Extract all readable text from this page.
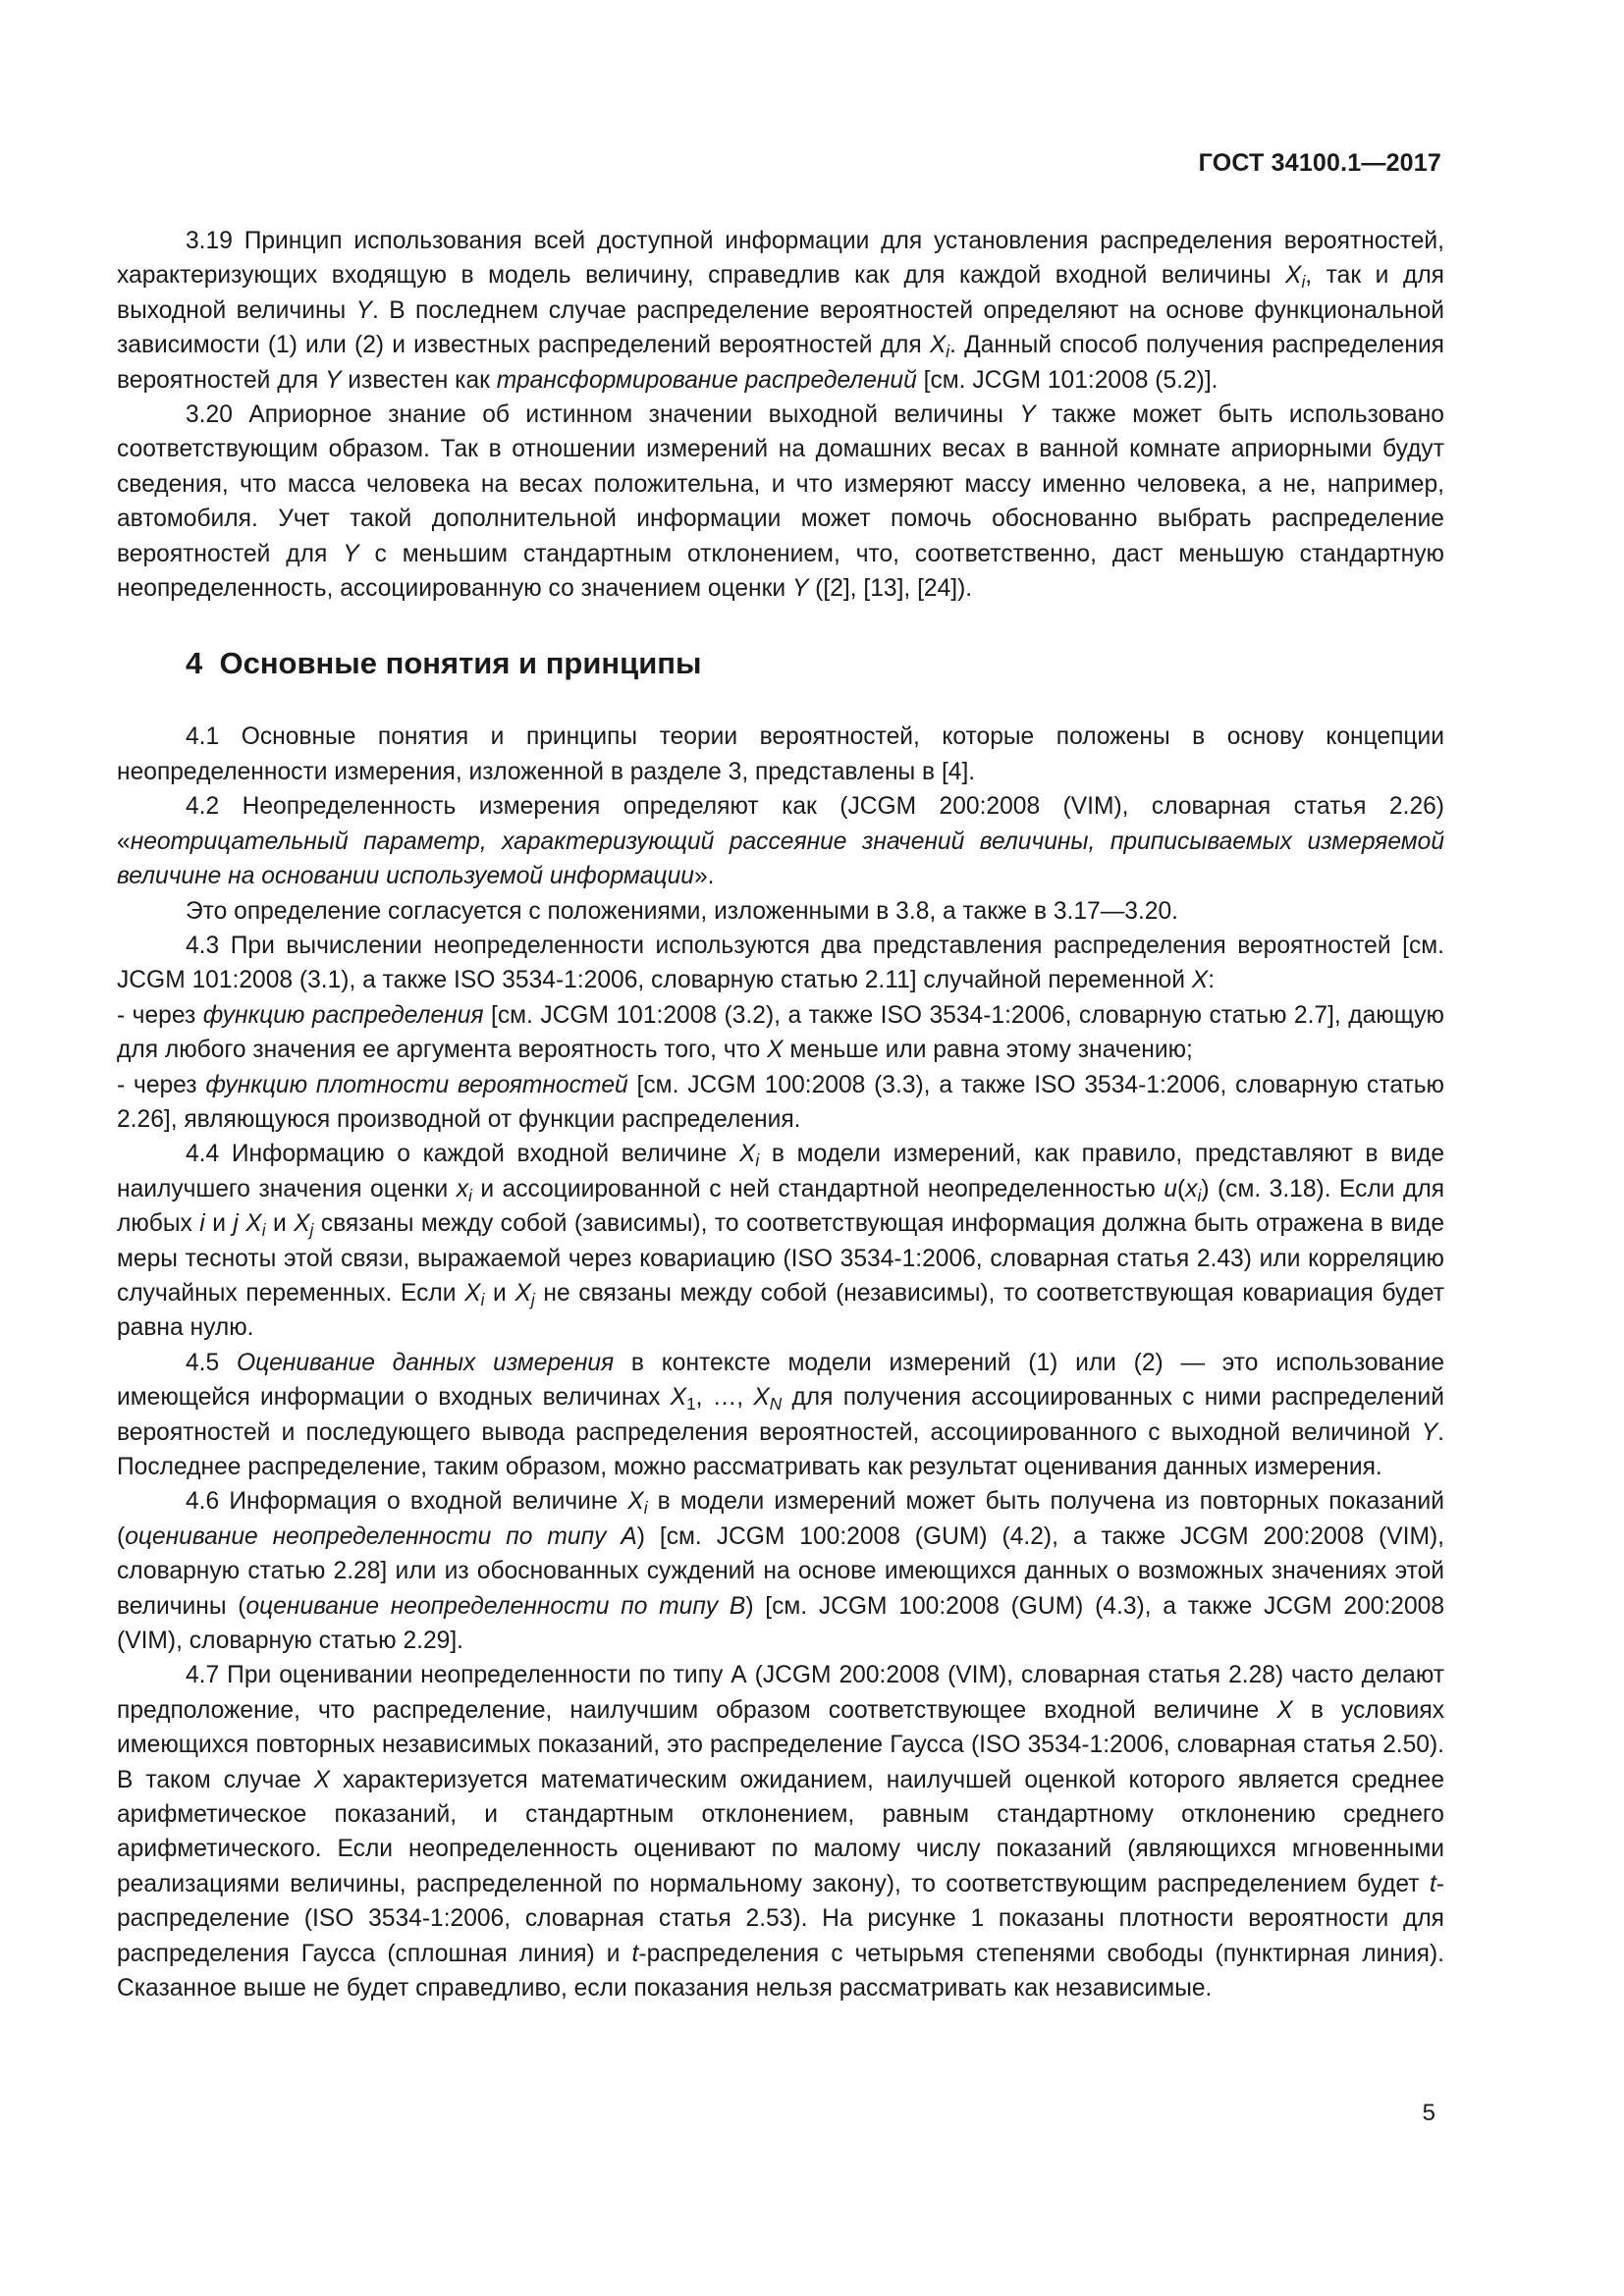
ГОСТ 34100.1—2017
3.19 Принцип использования всей доступной информации для установления распределения вероятностей, характеризующих входящую в модель величину, справедлив как для каждой входной величины $X_i$, так и для выходной величины Y. В последнем случае распределение вероятностей определяют на основе функциональной зависимости (1) или (2) и известных распределений вероятностей для $X_i$. Данный способ получения распределения вероятностей для Y известен как трансформирование распределений [см. JCGM 101:2008 (5.2)].
3.20 Априорное знание об истинном значении выходной величины Y также может быть использовано соответствующим образом. Так в отношении измерений на домашних весах в ванной комнате априорными будут сведения, что масса человека на весах положительна, и что измеряют массу именно человека, а не, например, автомобиля. Учет такой дополнительной информации может помочь обоснованно выбрать распределение вероятностей для Y с меньшим стандартным отклонением, что, соответственно, даст меньшую стандартную неопределенность, ассоциированную со значением оценки Y ([2], [13], [24]).
4 Основные понятия и принципы
4.1 Основные понятия и принципы теории вероятностей, которые положены в основу концепции неопределенности измерения, изложенной в разделе 3, представлены в [4].
4.2 Неопределенность измерения определяют как (JCGM 200:2008 (VIM), словарная статья 2.26) «неотрицательный параметр, характеризующий рассеяние значений величины, приписываемых измеряемой величине на основании используемой информации».
Это определение согласуется с положениями, изложенными в 3.8, а также в 3.17—3.20.
4.3 При вычислении неопределенности используются два представления распределения вероятностей [см. JCGM 101:2008 (3.1), а также ISO 3534-1:2006, словарную статью 2.11] случайной переменной X:
- через функцию распределения [см. JCGM 101:2008 (3.2), а также ISO 3534-1:2006, словарную статью 2.7], дающую для любого значения ее аргумента вероятность того, что X меньше или равна этому значению;
- через функцию плотности вероятностей [см. JCGM 100:2008 (3.3), а также ISO 3534-1:2006, словарную статью 2.26], являющуюся производной от функции распределения.
4.4 Информацию о каждой входной величине $X_i$ в модели измерений, как правило, представляют в виде наилучшего значения оценки $x_i$ и ассоциированной с ней стандартной неопределенностью $u(x_i)$ (см. 3.18). Если для любых i и j $X_i$ и $X_j$ связаны между собой (зависимы), то соответствующая информация должна быть отражена в виде меры тесноты этой связи, выражаемой через ковариацию (ISO 3534-1:2006, словарная статья 2.43) или корреляцию случайных переменных. Если $X_i$ и $X_j$ не связаны между собой (независимы), то соответствующая ковариация будет равна нулю.
4.5 Оценивание данных измерения в контексте модели измерений (1) или (2) — это использование имеющейся информации о входных величинах $X_1$, …, $X_N$ для получения ассоциированных с ними распределений вероятностей и последующего вывода распределения вероятностей, ассоциированного с выходной величиной Y. Последнее распределение, таким образом, можно рассматривать как результат оценивания данных измерения.
4.6 Информация о входной величине $X_i$ в модели измерений может быть получена из повторных показаний (оценивание неопределенности по типу А) [см. JCGM 100:2008 (GUM) (4.2), а также JCGM 200:2008 (VIM), словарную статью 2.28] или из обоснованных суждений на основе имеющихся данных о возможных значениях этой величины (оценивание неопределенности по типу В) [см. JCGM 100:2008 (GUM) (4.3), а также JCGM 200:2008 (VIM), словарную статью 2.29].
4.7 При оценивании неопределенности по типу А (JCGM 200:2008 (VIM), словарная статья 2.28) часто делают предположение, что распределение, наилучшим образом соответствующее входной величине X в условиях имеющихся повторных независимых показаний, это распределение Гаусса (ISO 3534-1:2006, словарная статья 2.50). В таком случае X характеризуется математическим ожиданием, наилучшей оценкой которого является среднее арифметическое показаний, и стандартным отклонением, равным стандартному отклонению среднего арифметического. Если неопределенность оценивают по малому числу показаний (являющихся мгновенными реализациями величины, распределенной по нормальному закону), то соответствующим распределением будет t-распределение (ISO 3534-1:2006, словарная статья 2.53). На рисунке 1 показаны плотности вероятности для распределения Гаусса (сплошная линия) и t-распределения с четырьмя степенями свободы (пунктирная линия). Сказанное выше не будет справедливо, если показания нельзя рассматривать как независимые.
5
